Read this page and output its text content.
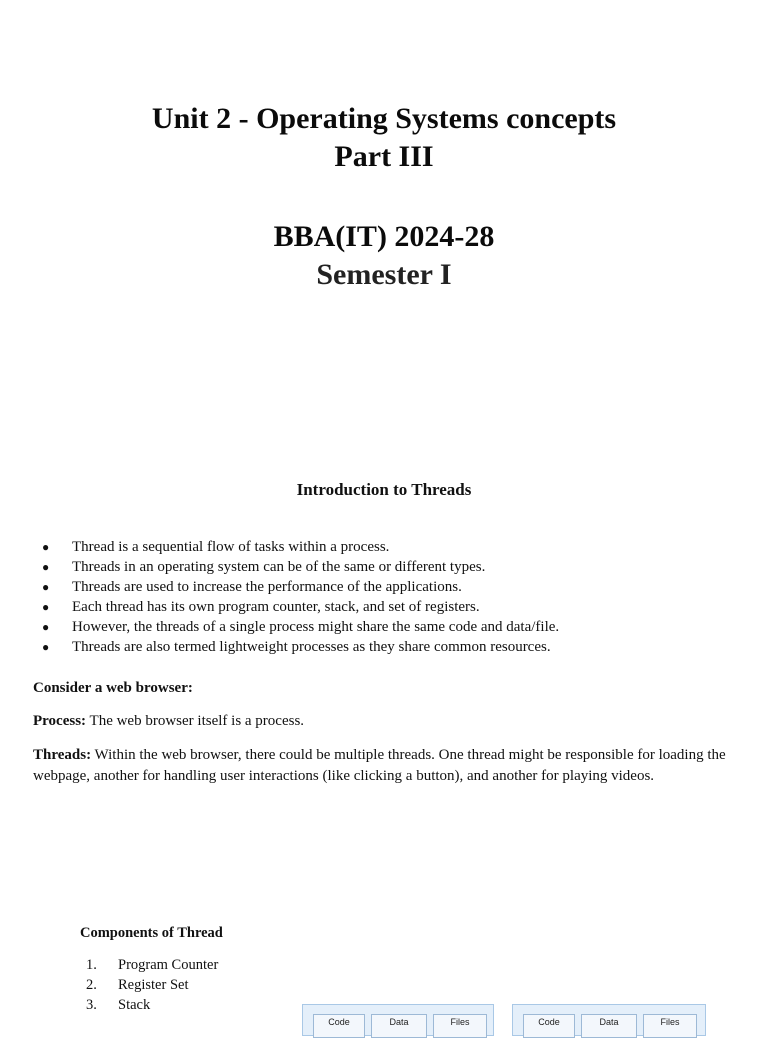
Unit 2 - Operating Systems concepts
Part III
BBA(IT) 2024-28
Semester I
Introduction to Threads
● Thread is a sequential flow of tasks within a process.
● Threads in an operating system can be of the same or different types.
● Threads are used to increase the performance of the applications.
● Each thread has its own program counter, stack, and set of registers.
● However, the threads of a single process might share the same code and data/file.
● Threads are also termed lightweight processes as they share common resources.
Consider a web browser:
Process: The web browser itself is a process.
Threads: Within the web browser, there could be multiple threads. One thread might be responsible for loading the webpage, another for handling user interactions (like clicking a button), and another for playing videos.
Components of Thread
1. Program Counter
2. Register Set
3. Stack
Code	Data	Files	Code	Data	Files
